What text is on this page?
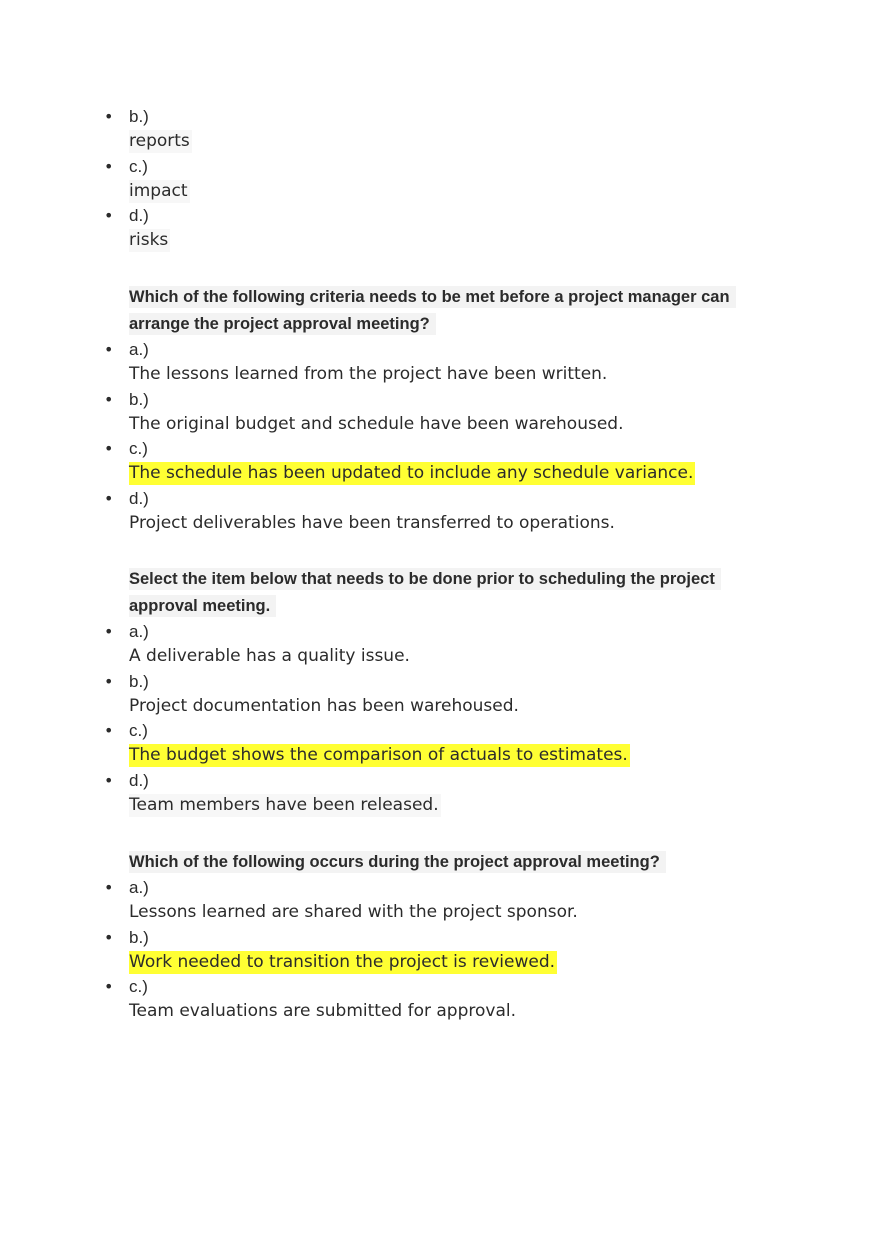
• b.)
reports
• c.)
impact
• d.)
risks

Which of the following criteria needs to be met before a project manager can arrange the project approval meeting?

• a.)
The lessons learned from the project have been written.
• b.)
The original budget and schedule have been warehoused.
• c.)
The schedule has been updated to include any schedule variance.
• d.)
Project deliverables have been transferred to operations.

Select the item below that needs to be done prior to scheduling the project approval meeting.

• a.)
A deliverable has a quality issue.
• b.)
Project documentation has been warehoused.
• c.)
The budget shows the comparison of actuals to estimates.
• d.)
Team members have been released.

Which of the following occurs during the project approval meeting?

• a.)
Lessons learned are shared with the project sponsor.
• b.)
Work needed to transition the project is reviewed.
• c.)
Team evaluations are submitted for approval.
